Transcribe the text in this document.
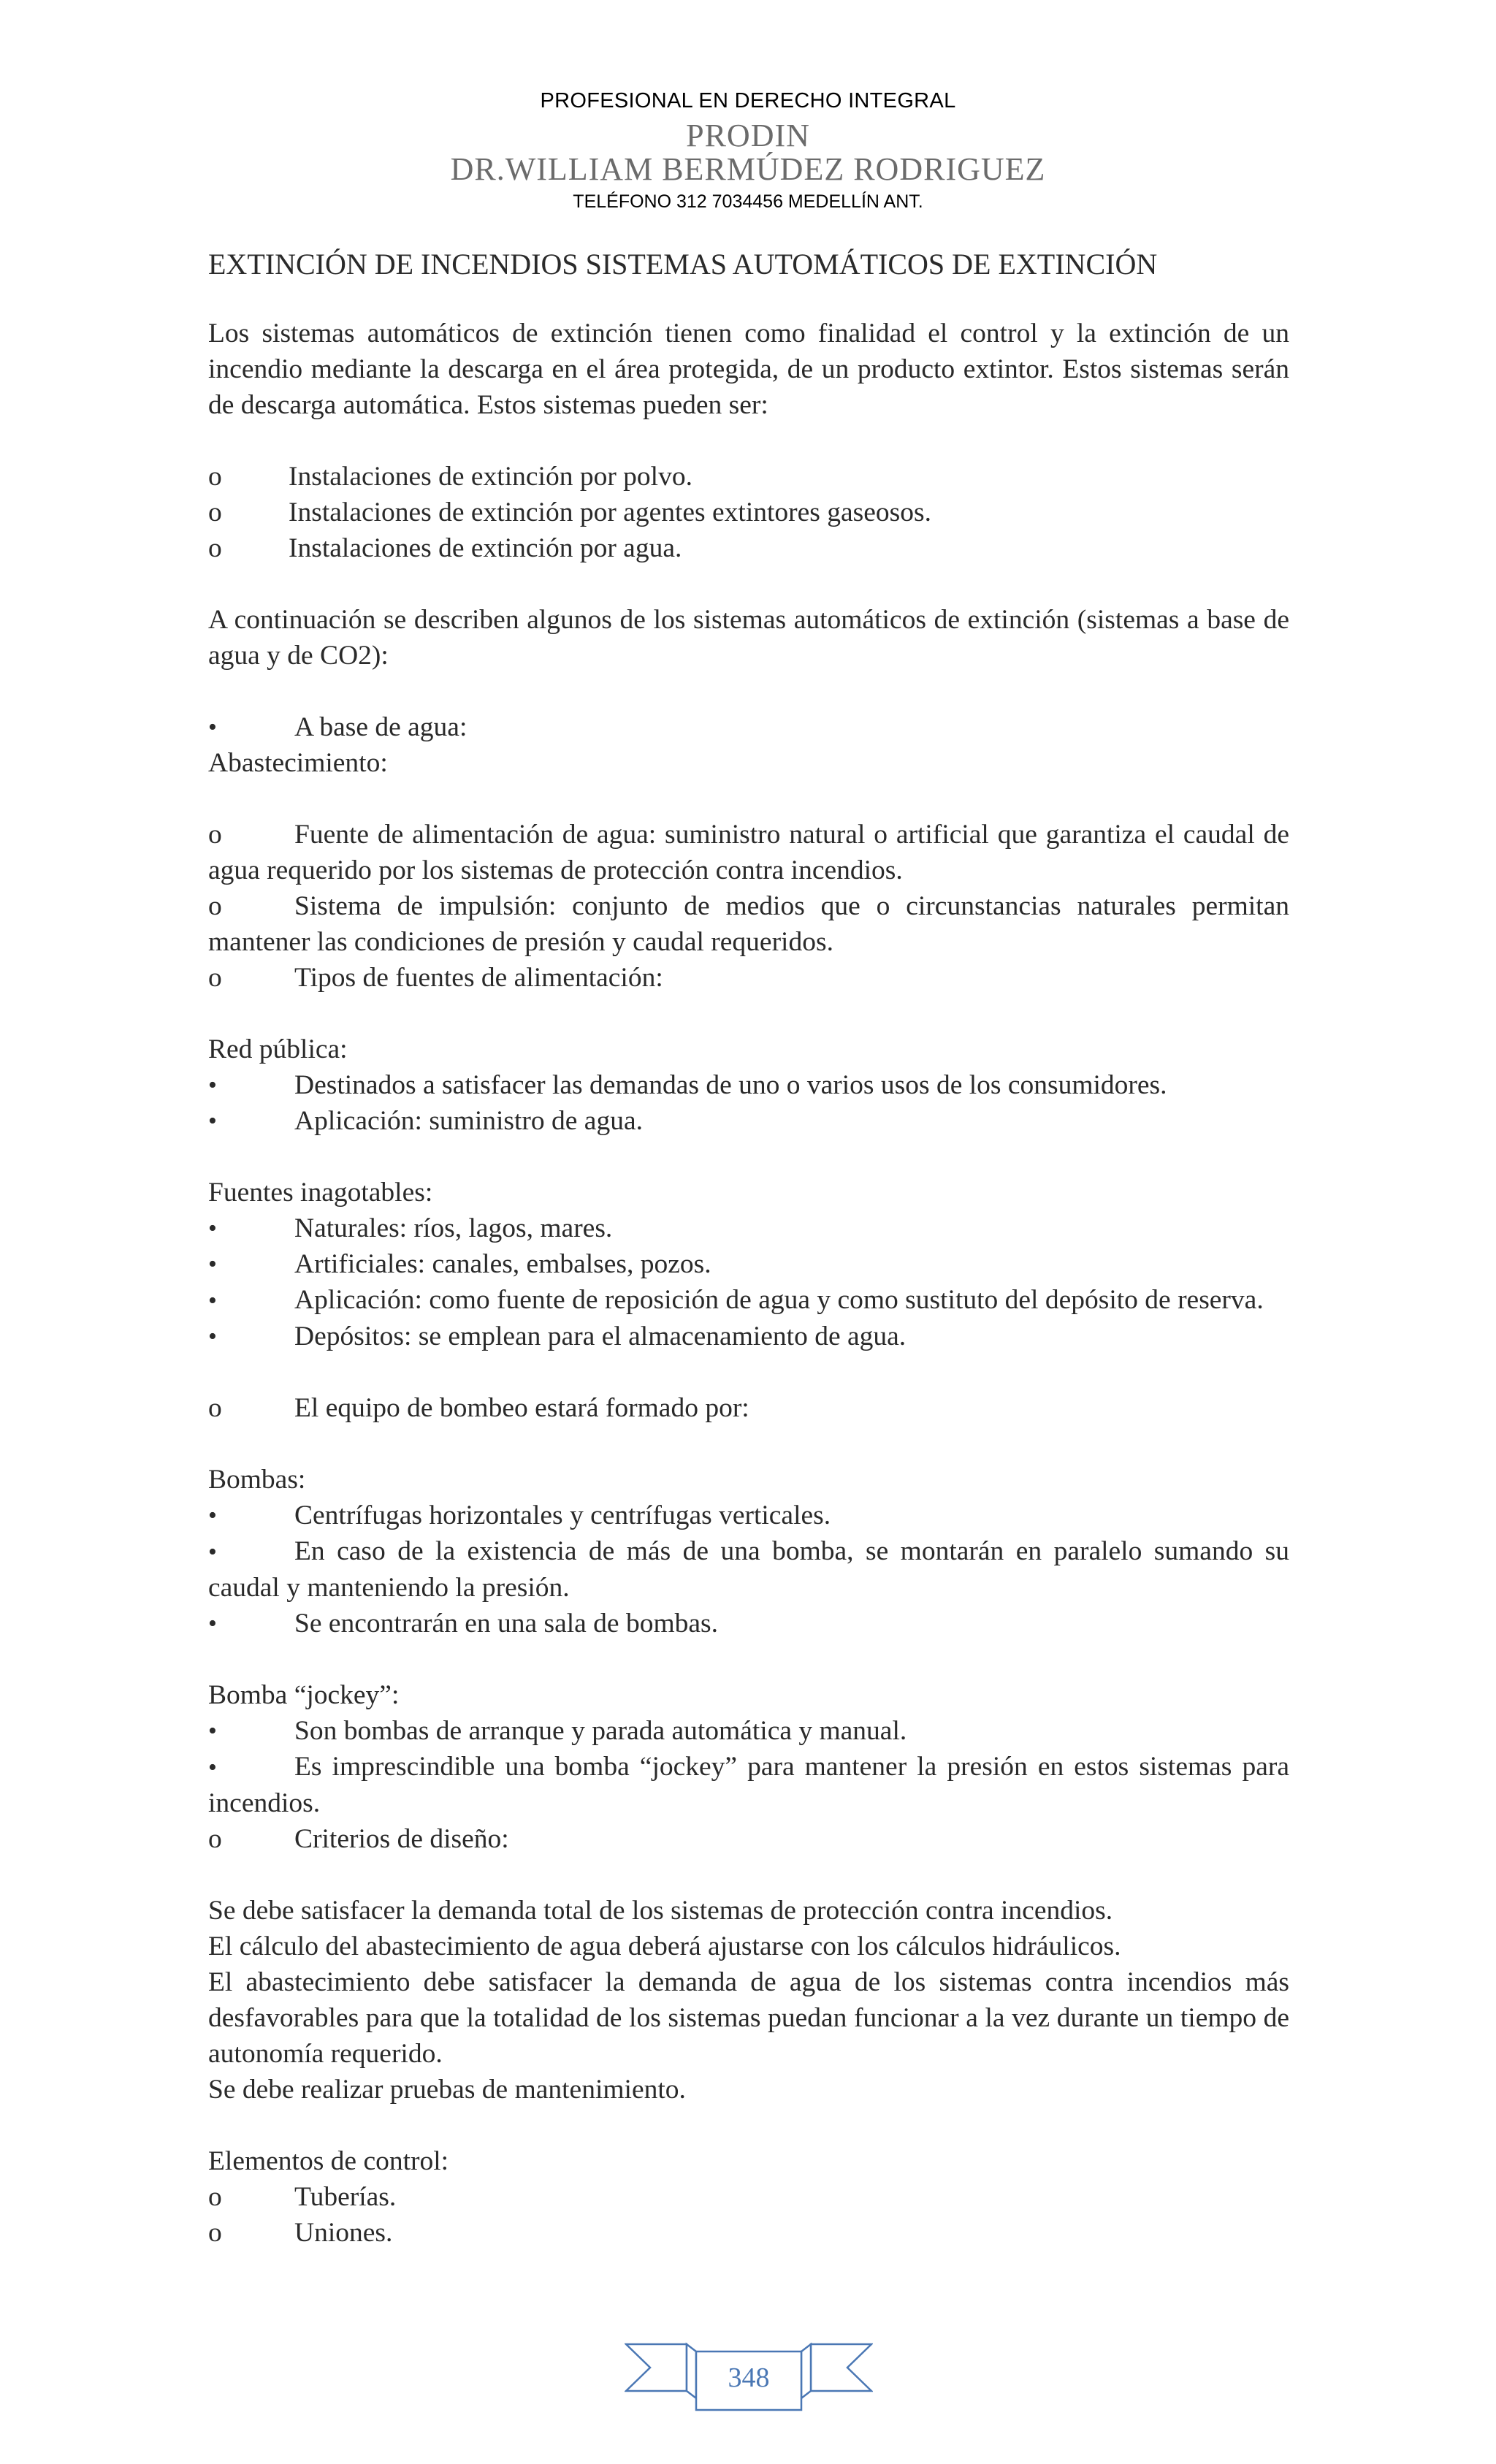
PROFESIONAL EN DERECHO INTEGRAL
PRODIN
DR.WILLIAM BERMÚDEZ RODRIGUEZ
TELÉFONO 312 7034456 MEDELLÍN ANT.
EXTINCIÓN DE INCENDIOS SISTEMAS AUTOMÁTICOS DE EXTINCIÓN
Los sistemas automáticos de extinción tienen como finalidad el control y la extinción de un incendio mediante la descarga en el área protegida, de un producto extintor. Estos sistemas serán de descarga automática. Estos sistemas pueden ser:
o Instalaciones de extinción por polvo.
o Instalaciones de extinción por agentes extintores gaseosos.
o Instalaciones de extinción por agua.
A continuación se describen algunos de los sistemas automáticos de extinción (sistemas a base de agua y de CO2):
•	A base de agua:
Abastecimiento:
o	Fuente de alimentación de agua: suministro natural o artificial que garantiza el caudal de agua requerido por los sistemas de protección contra incendios.
o	Sistema de impulsión: conjunto de medios que o circunstancias naturales permitan mantener las condiciones de presión y caudal requeridos.
o	Tipos de fuentes de alimentación:
Red pública:
•	Destinados a satisfacer las demandas de uno o varios usos de los consumidores.
•	Aplicación: suministro de agua.
Fuentes inagotables:
•	Naturales: ríos, lagos, mares.
•	Artificiales: canales, embalses, pozos.
•	Aplicación: como fuente de reposición de agua y como sustituto del depósito de reserva.
•	Depósitos: se emplean para el almacenamiento de agua.
o	El equipo de bombeo estará formado por:
Bombas:
•	Centrífugas horizontales y centrífugas verticales.
•	En caso de la existencia de más de una bomba, se montarán en paralelo sumando su caudal y manteniendo la presión.
•	Se encontrarán en una sala de bombas.
Bomba “jockey”:
•	Son bombas de arranque y parada automática y manual.
•	Es imprescindible una bomba “jockey” para mantener la presión en estos sistemas para incendios.
o	Criterios de diseño:
Se debe satisfacer la demanda total de los sistemas de protección contra incendios.
El cálculo del abastecimiento de agua deberá ajustarse con los cálculos hidráulicos.
El abastecimiento debe satisfacer la demanda de agua de los sistemas contra incendios más desfavorables para que la totalidad de los sistemas puedan funcionar a la vez durante un tiempo de autonomía requerido.
Se debe realizar pruebas de mantenimiento.
Elementos de control:
o	Tuberías.
o	Uniones.
348
